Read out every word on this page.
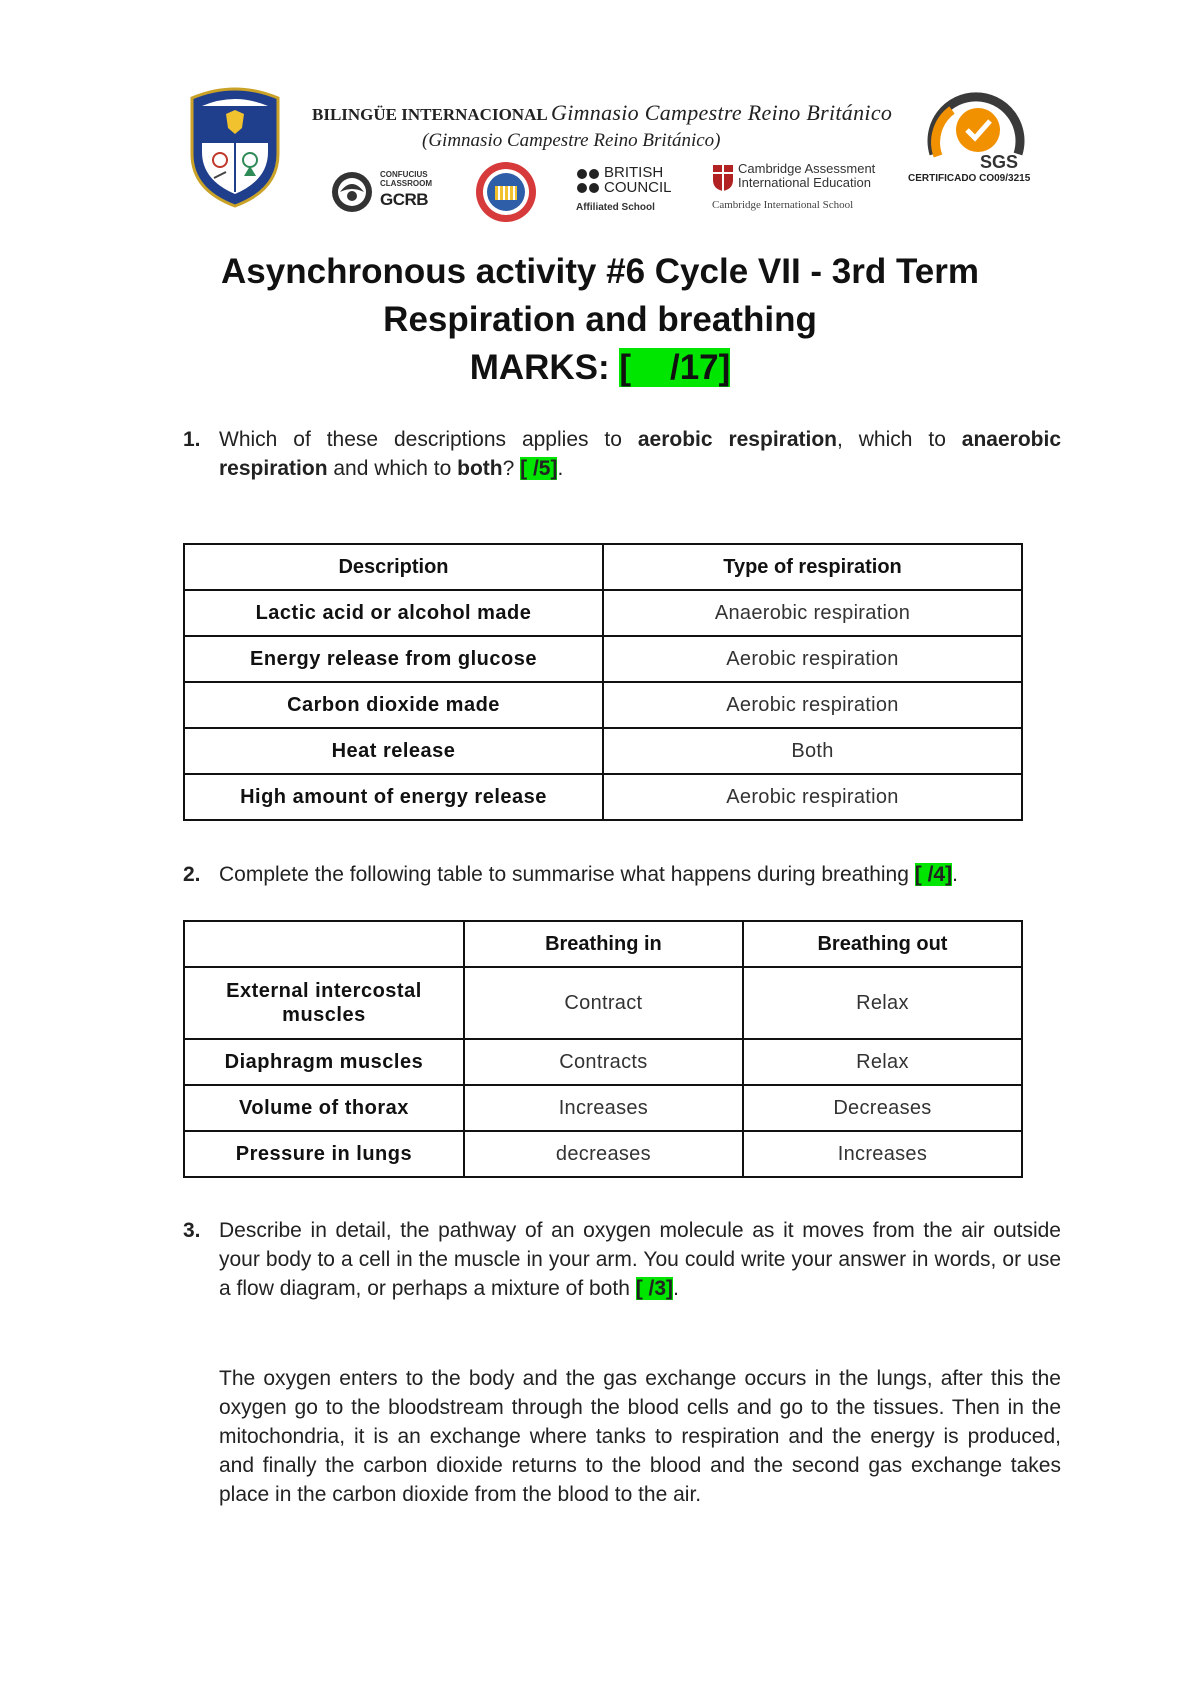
BILINGÜE INTERNACIONAL Gimnasio Campestre Reino Británico
(Gimnasio Campestre Reino Británico)
CONFUCIUS
CLASSROOM
GCRB
BRITISH
COUNCIL
Affiliated School
Cambridge Assessment
International Education
Cambridge International School
SGS
CERTIFICADO CO09/3215
Asynchronous activity #6 Cycle VII - 3rd Term
Respiration and breathing
MARKS: [    /17]
1. Which of these descriptions applies to aerobic respiration, which to anaerobic respiration and which to both? [ /5].
Description	Type of respiration
Lactic acid or alcohol made	Anaerobic respiration
Energy release from glucose	Aerobic respiration
Carbon dioxide made	Aerobic respiration
Heat release	Both
High amount of energy release	Aerobic respiration
2. Complete the following table to summarise what happens during breathing [ /4].
	Breathing in	Breathing out
External intercostal muscles	Contract	Relax
Diaphragm muscles	Contracts	Relax
Volume of thorax	Increases	Decreases
Pressure in lungs	decreases	Increases
3. Describe in detail, the pathway of an oxygen molecule as it moves from the air outside your body to a cell in the muscle in your arm. You could write your answer in words, or use a flow diagram, or perhaps a mixture of both [ /3].
The oxygen enters to the body and the gas exchange occurs in the lungs, after this the oxygen go to the bloodstream through the blood cells and go to the tissues. Then in the mitochondria, it is an exchange where tanks to respiration and the energy is produced, and finally the carbon dioxide returns to the blood and the second gas exchange takes place in the carbon dioxide from the blood to the air.
